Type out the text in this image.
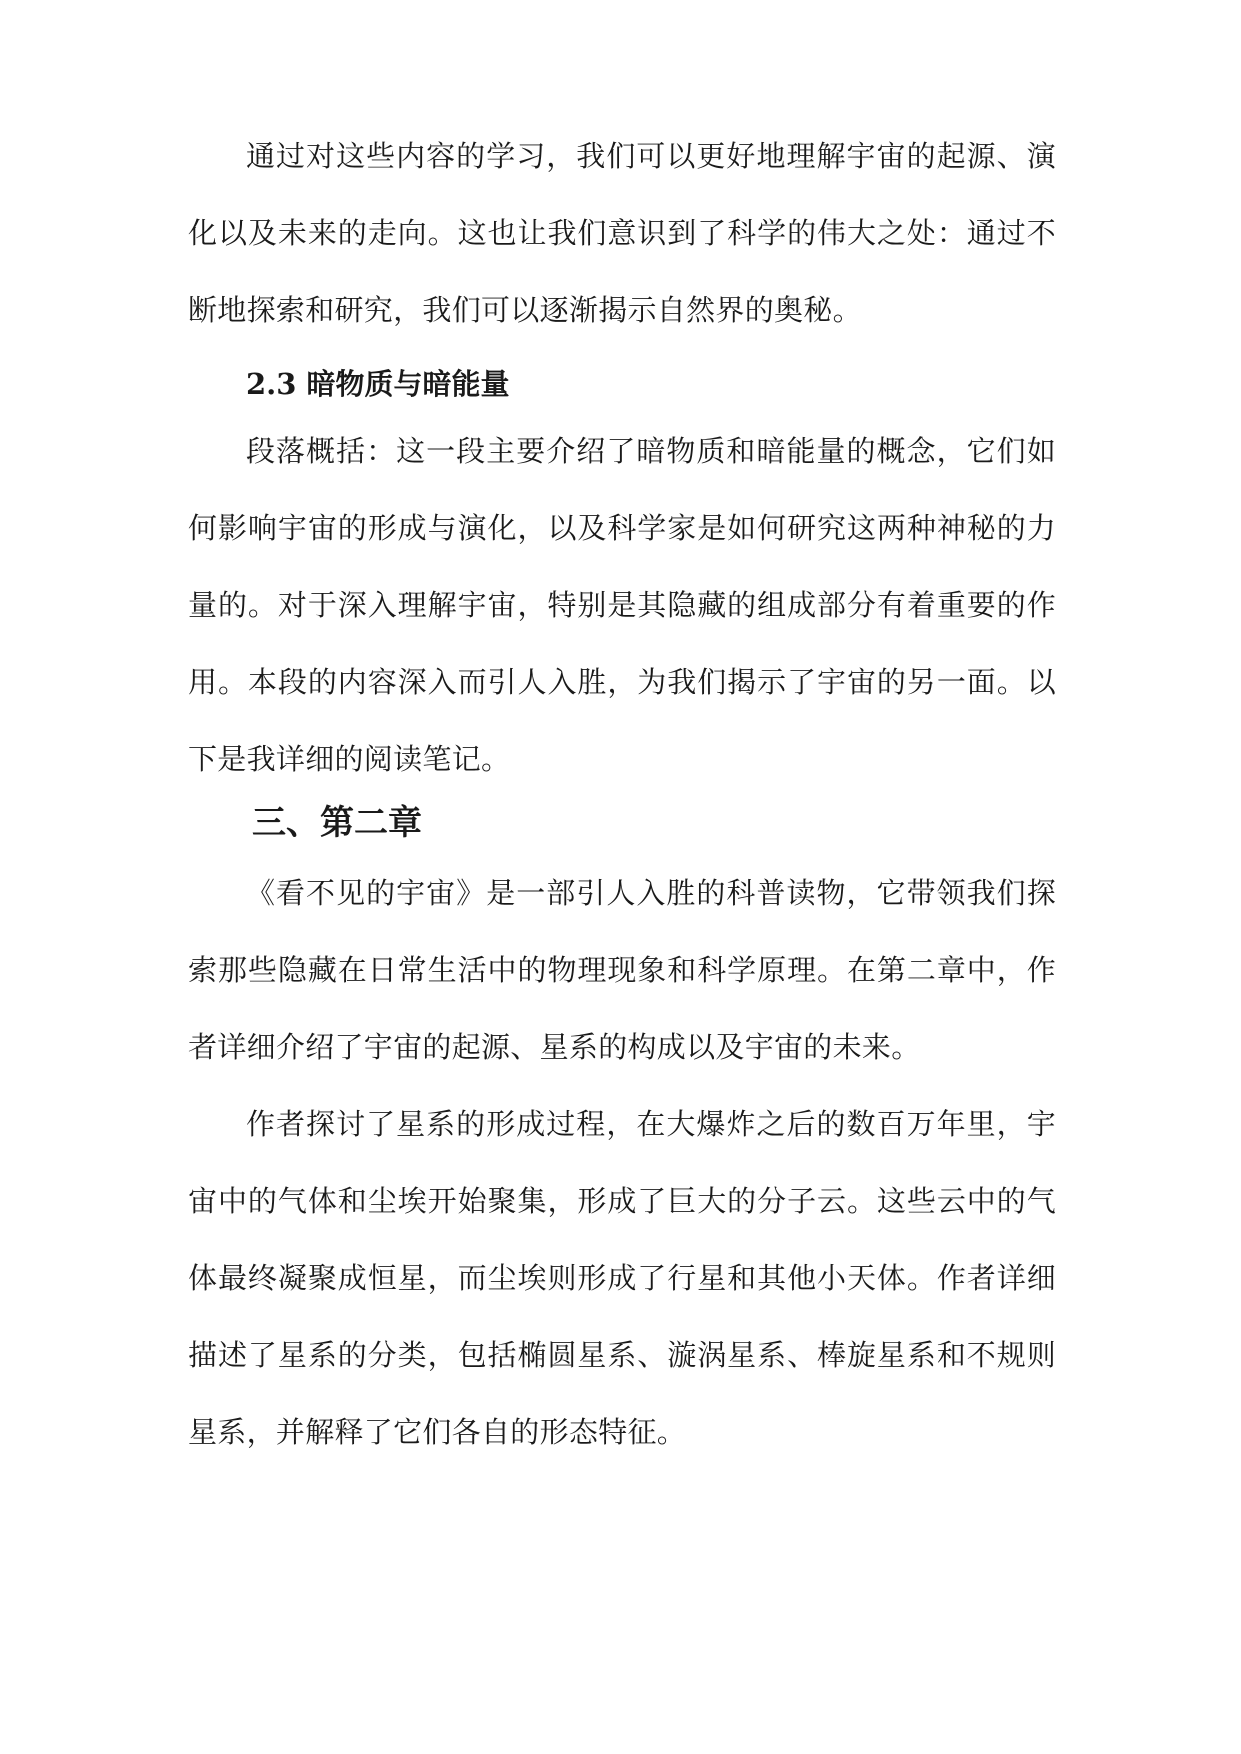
通过对这些内容的学习，我们可以更好地理解宇宙的起源、演化以及未来的走向。这也让我们意识到了科学的伟大之处：通过不断地探索和研究，我们可以逐渐揭示自然界的奥秘。

2.3 暗物质与暗能量

段落概括：这一段主要介绍了暗物质和暗能量的概念，它们如何影响宇宙的形成与演化，以及科学家是如何研究这两种神秘的力量的。对于深入理解宇宙，特别是其隐藏的组成部分有着重要的作用。本段的内容深入而引人入胜，为我们揭示了宇宙的另一面。以下是我详细的阅读笔记。

三、第二章

《看不见的宇宙》是一部引人入胜的科普读物，它带领我们探索那些隐藏在日常生活中的物理现象和科学原理。在第二章中，作者详细介绍了宇宙的起源、星系的构成以及宇宙的未来。

作者探讨了星系的形成过程，在大爆炸之后的数百万年里，宇宙中的气体和尘埃开始聚集，形成了巨大的分子云。这些云中的气体最终凝聚成恒星，而尘埃则形成了行星和其他小天体。作者详细描述了星系的分类，包括椭圆星系、漩涡星系、棒旋星系和不规则星系，并解释了它们各自的形态特征。
